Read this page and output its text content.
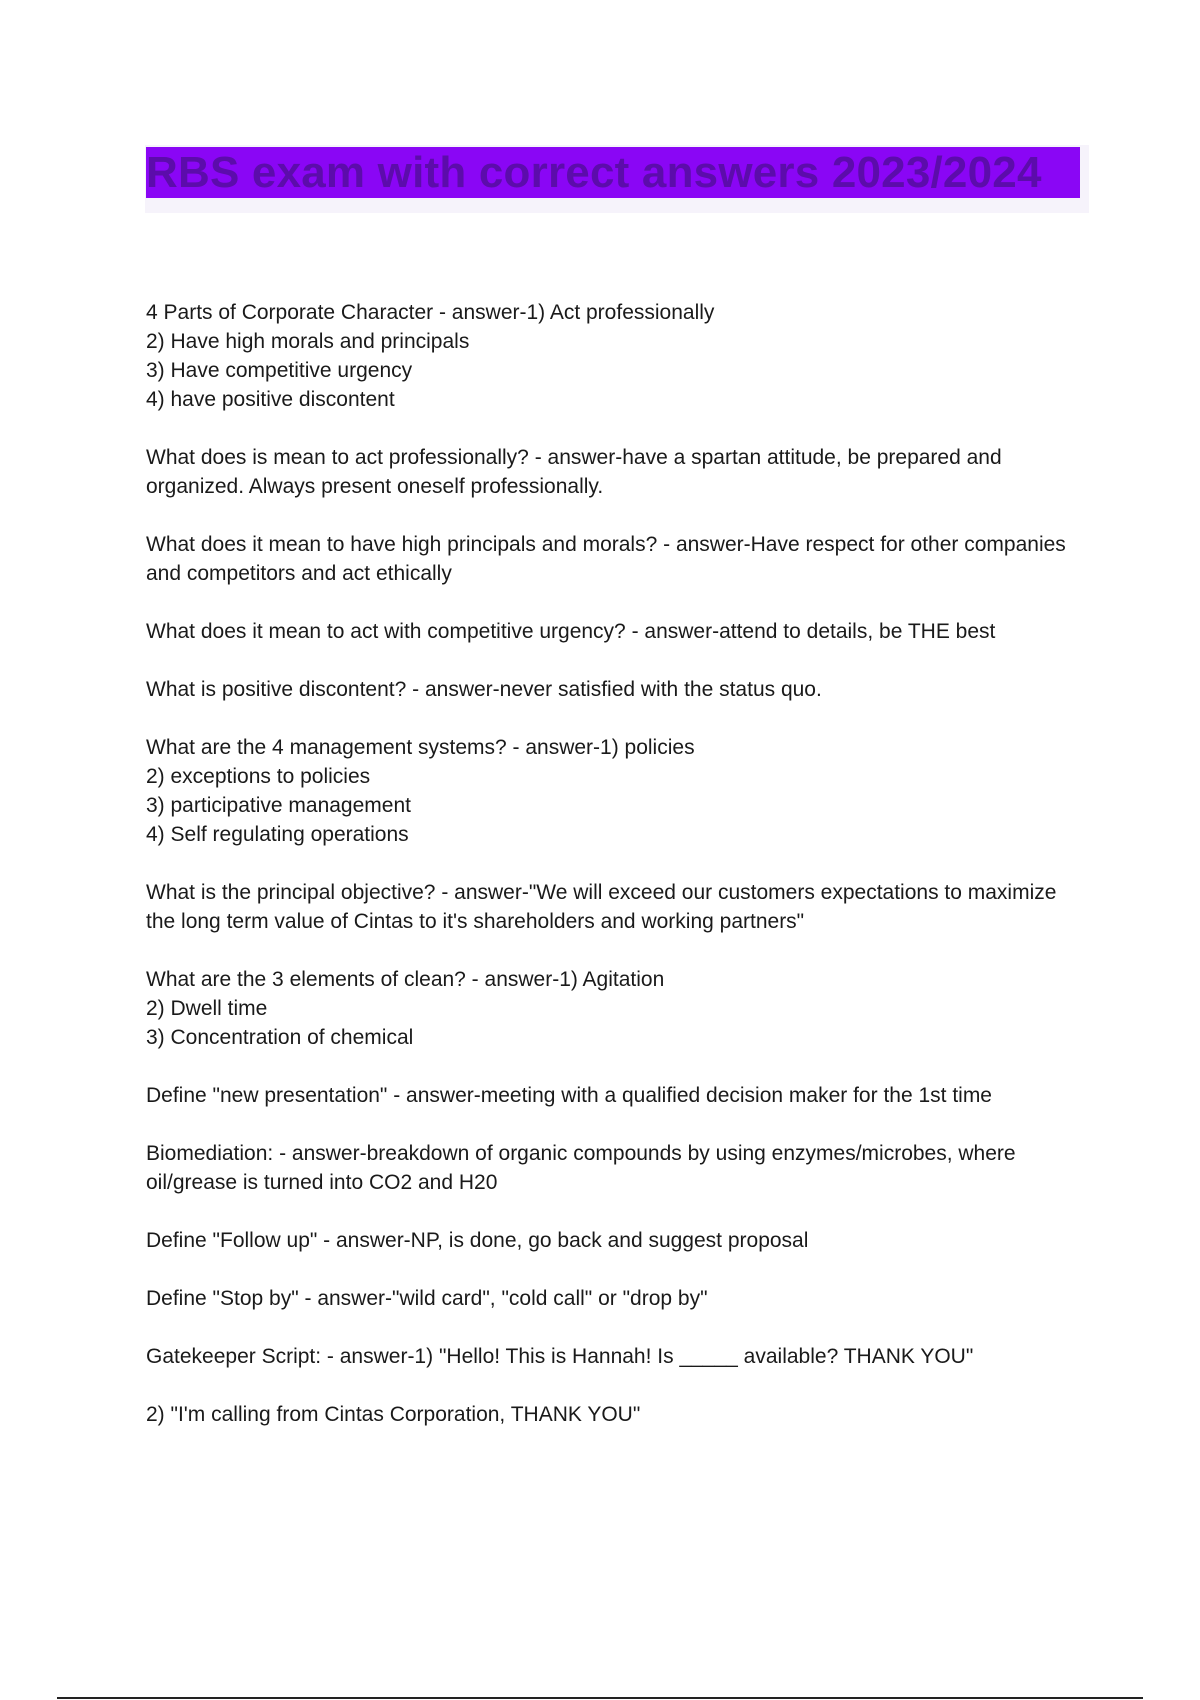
RBS exam with correct answers 2023/2024

4 Parts of Corporate Character - answer-1) Act professionally

2) Have high morals and principals

3) Have competitive urgency

4) have positive discontent

What does is mean to act professionally? - answer-have a spartan attitude, be prepared and organized. Always present oneself professionally.

What does it mean to have high principals and morals? - answer-Have respect for other companies and competitors and act ethically

What does it mean to act with competitive urgency? - answer-attend to details, be THE best

What is positive discontent? - answer-never satisfied with the status quo.

What are the 4 management systems? - answer-1) policies

2) exceptions to policies

3) participative management

4) Self regulating operations

What is the principal objective? - answer-"We will exceed our customers expectations to maximize the long term value of Cintas to it's shareholders and working partners"

What are the 3 elements of clean? - answer-1) Agitation

2) Dwell time

3) Concentration of chemical

Define "new presentation" - answer-meeting with a qualified decision maker for the 1st time

Biomediation: - answer-breakdown of organic compounds by using enzymes/microbes, where oil/grease is turned into CO2 and H20

Define "Follow up" - answer-NP, is done, go back and suggest proposal

Define "Stop by" - answer-"wild card", "cold call" or "drop by"

Gatekeeper Script: - answer-1) "Hello! This is Hannah! Is _____ available? THANK YOU"

2) "I'm calling from Cintas Corporation, THANK YOU"
